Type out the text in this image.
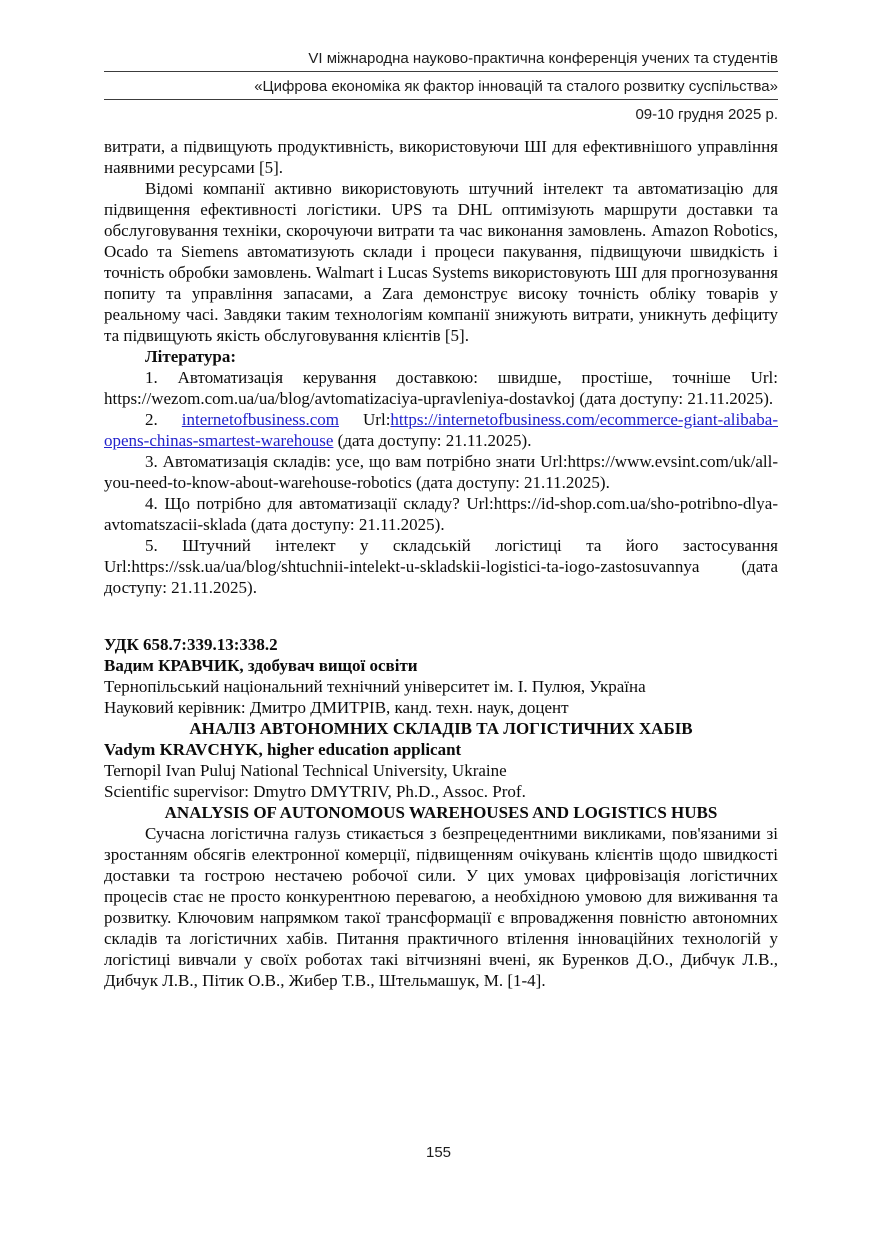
VI міжнародна науково-практична конференція учених та студентів
«Цифрова економіка як фактор інновацій та сталого розвитку суспільства»
09-10 грудня 2025 р.

витрати, а підвищують продуктивність, використовуючи ШІ для ефективнішого управління наявними ресурсами [5].

Відомі компанії активно використовують штучний інтелект та автоматизацію для підвищення ефективності логістики. UPS та DHL оптимізують маршрути доставки та обслуговування техніки, скорочуючи витрати та час виконання замовлень. Amazon Robotics, Ocado та Siemens автоматизують склади і процеси пакування, підвищуючи швидкість і точність обробки замовлень. Walmart і Lucas Systems використовують ШІ для прогнозування попиту та управління запасами, а Zara демонструє високу точність обліку товарів у реальному часі. Завдяки таким технологіям компанії знижують витрати, уникнуть дефіциту та підвищують якість обслуговування клієнтів [5].

Література:

1. Автоматизація керування доставкою: швидше, простіше, точніше Url: https://wezom.com.ua/ua/blog/avtomatizaciya-upravleniya-dostavkoj (дата доступу: 21.11.2025).

2. internetofbusiness.com Url:https://internetofbusiness.com/ecommerce-giant-alibaba-opens-chinas-smartest-warehouse (дата доступу: 21.11.2025).

3. Автоматизація складів: усе, що вам потрібно знати Url:https://www.evsint.com/uk/all-you-need-to-know-about-warehouse-robotics (дата доступу: 21.11.2025).

4. Що потрібно для автоматизації складу? Url:https://id-shop.com.ua/sho-potribno-dlya-avtomatszacii-sklada (дата доступу: 21.11.2025).

5. Штучний інтелект у складській логістиці та його застосування Url:https://ssk.ua/ua/blog/shtuchnii-intelekt-u-skladskii-logistici-ta-iogo-zastosuvannya (дата доступу: 21.11.2025).

УДК 658.7:339.13:338.2

Вадим КРАВЧИК, здобувач вищої освіти

Тернопільський національний технічний університет ім. І. Пулюя, Україна

Науковий керівник: Дмитро ДМИТРІВ, канд. техн. наук, доцент

АНАЛІЗ АВТОНОМНИХ СКЛАДІВ ТА ЛОГІСТИЧНИХ ХАБІВ

Vadym KRAVCHYK, higher education applicant

Ternopil Ivan Puluj National Technical University, Ukraine

Scientific supervisor: Dmytro DMYTRIV, Ph.D., Assoc. Prof.

ANALYSIS OF AUTONOMOUS WAREHOUSES AND LOGISTICS HUBS

Сучасна логістична галузь стикається з безпрецедентними викликами, пов'язаними зі зростанням обсягів електронної комерції, підвищенням очікувань клієнтів щодо швидкості доставки та гострою нестачею робочої сили. У цих умовах цифровізація логістичних процесів стає не просто конкурентною перевагою, а необхідною умовою для виживання та розвитку. Ключовим напрямком такої трансформації є впровадження повністю автономних складів та логістичних хабів. Питання практичного втілення інноваційних технологій у логістиці вивчали у своїх роботах такі вітчизняні вчені, як Буренков Д.О., Дибчук Л.В., Дибчук Л.В., Пітик О.В., Жибер Т.В., Штельмашук, М. [1-4].

155
